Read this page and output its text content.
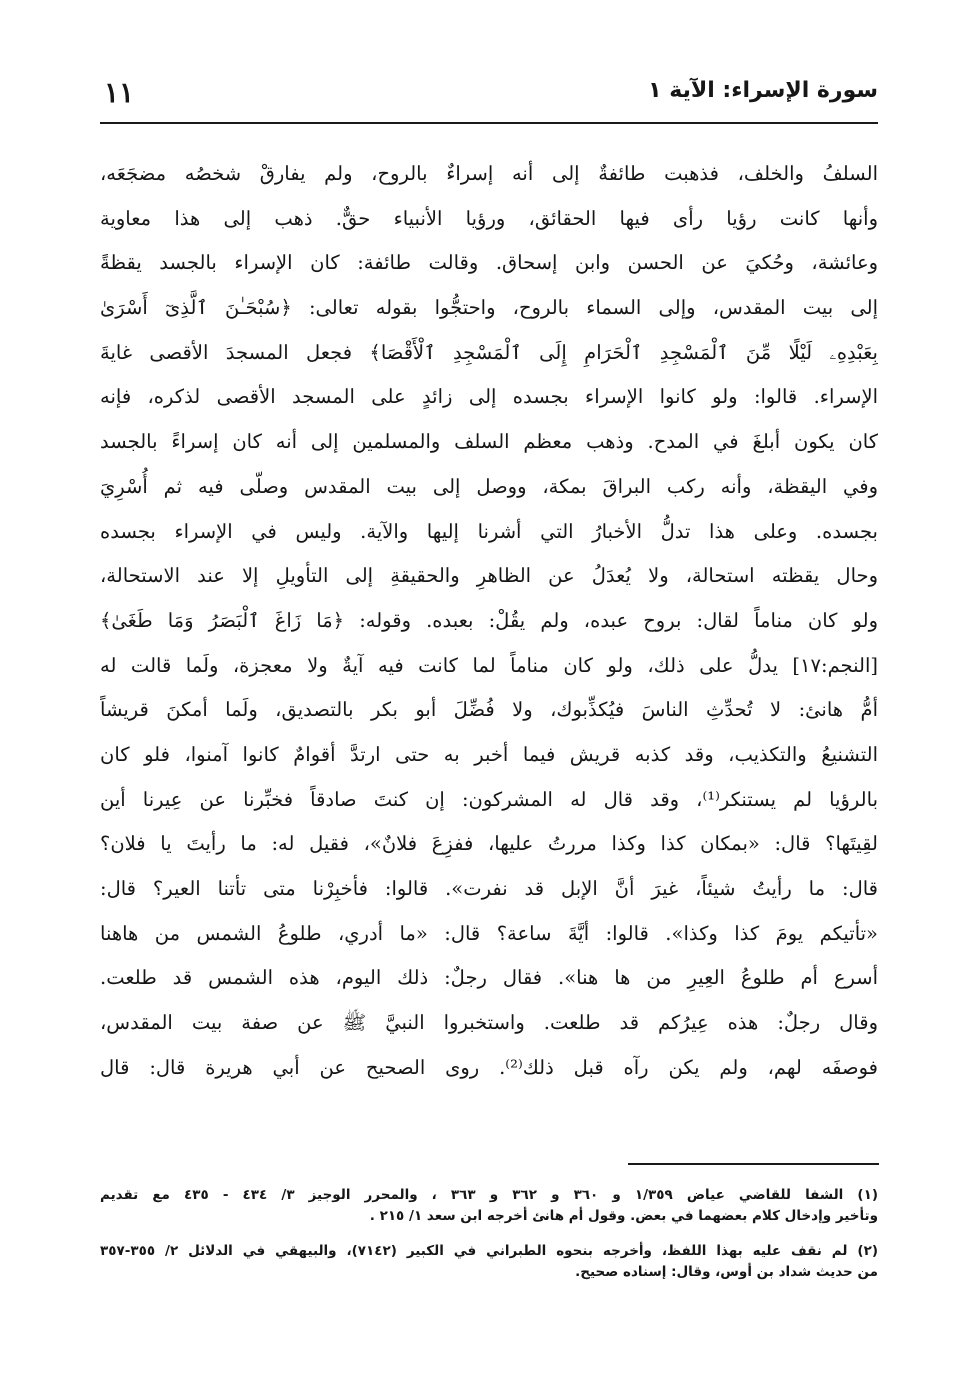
سورة الإسراء: الآية ١
١١
السلفُ والخلف، فذهبت طائفةٌ إلى أنه إسراءٌ بالروح، ولم يفارقْ شخصُه مضجَعَه،
وأنها كانت رؤيا رأى فيها الحقائق، ورؤيا الأنبياء حقٌّ. ذهب إلى هذا معاوية
وعائشة، وحُكيَ عن الحسن وابن إسحاق. وقالت طائفة: كان الإسراء بالجسد يقظةً
إلى بيت المقدس، وإلى السماء بالروح، واحتجُّوا بقوله تعالى: ﴿سُبْحَـٰنَ ٱلَّذِىٓ أَسْرَىٰ
بِعَبْدِهِۦ لَيْلًا مِّنَ ٱلْمَسْجِدِ ٱلْحَرَامِ إِلَى ٱلْمَسْجِدِ ٱلْأَقْصَا﴾ فجعل المسجدَ الأقصى غايةَ
الإسراء. قالوا: ولو كانوا الإسراء بجسده إلى زائدٍ على المسجد الأقصى لذكره، فإنه
كان يكون أبلغَ في المدح. وذهب معظم السلف والمسلمين إلى أنه كان إسراءً بالجسد
وفي اليقظة، وأنه ركب البراقَ بمكة، ووصل إلى بيت المقدس وصلّى فيه ثم أُسْرِيَ
بجسده. وعلى هذا تدلُّ الأخبارُ التي أشرنا إليها والآية. وليس في الإسراء بجسده
وحال يقظته استحالة، ولا يُعدَلُ عن الظاهرِ والحقيقةِ إلى التأويلِ إلا عند الاستحالة،
ولو كان مناماً لقال: بروح عبده، ولم يقُلْ: بعبده. وقوله: ﴿مَا زَاغَ ٱلْبَصَرُ وَمَا طَغَىٰ﴾
[النجم:١٧] يدلُّ على ذلك، ولو كان مناماً لما كانت فيه آيةٌ ولا معجزة، ولَما قالت له
أمُّ هانئ: لا تُحدِّثِ الناسَ فيُكذِّبوك، ولا فُضِّلَ أبو بكر بالتصديق، ولَما أمكنَ قريشاً
التشنيعُ والتكذيب، وقد كذبه قريش فيما أخبر به حتى ارتدَّ أقوامٌ كانوا آمنوا، فلو كان
بالرؤيا لم يستنكر⁽¹⁾، وقد قال له المشركون: إن كنتَ صادقاً فخبِّرنا عن عِيرنا أين
لقِيتَها؟ قال: «بمكان كذا وكذا مررتُ عليها، ففزِعَ فلانٌ»، فقيل له: ما رأيتَ يا فلان؟
قال: ما رأيتُ شيئاً، غيرَ أنَّ الإبل قد نفرت». قالوا: فأخبِرْنا متى تأتنا العير؟ قال:
«تأتيكم يومَ كذا وكذا». قالوا: أيَّةَ ساعة؟ قال: «ما أدري، طلوعُ الشمس من هاهنا
أسرع أم طلوعُ العِيرِ من ها هنا». فقال رجلٌ: ذلك اليوم، هذه الشمس قد طلعت.
وقال رجلٌ: هذه عِيرُكم قد طلعت. واستخبروا النبيَّ ﷺ عن صفة بيت المقدس،
فوصفَه لهم، ولم يكن رآه قبل ذلك⁽²⁾. روى الصحيح عن أبي هريرة قال: قال
(١) الشفا للقاضي عياض ١/٣٥٩ و ٣٦٠ و ٣٦٢ و ٣٦٣ ، والمحرر الوجيز ٣/ ٤٣٤ - ٤٣٥ مع تقديم
وتأخير وإدخال كلام بعضهما في بعض. وقول أم هانئ أخرجه ابن سعد ١/ ٢١٥ .
(٢) لم نقف عليه بهذا اللفظ، وأخرجه بنحوه الطبراني في الكبير (٧١٤٢)، والبيهقي في الدلائل ٢/ ٣٥٥-٣٥٧
من حديث شداد بن أوس، وقال: إسناده صحيح.
